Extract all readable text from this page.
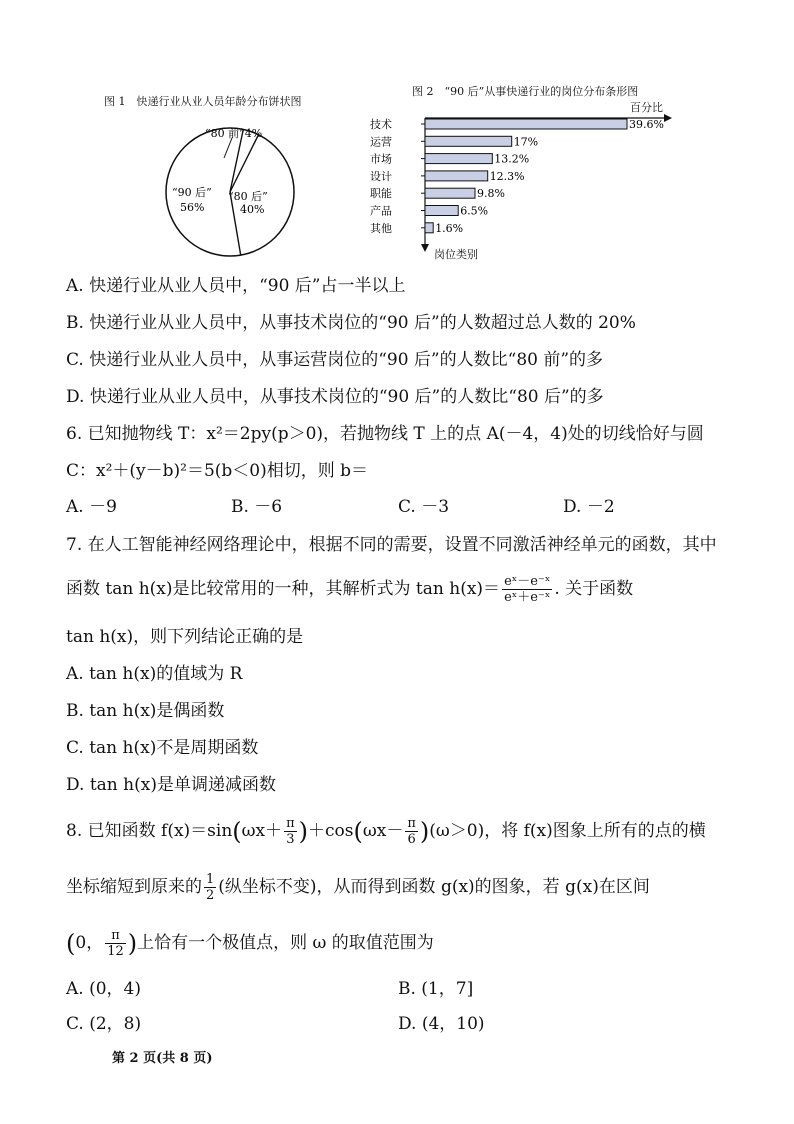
图 1　快递行业从业人员年龄分布饼状图
“80 前”4%
“90 后”
56%
“80 后”
40%
图 2　“90 后”从事快递行业的岗位分布条形图
百分比
技术	39.6%
运营	17%
市场	13.2%
设计	12.3%
职能	9.8%
产品	6.5%
其他	1.6%
岗位类别
A. 快递行业从业人员中，“90 后”占一半以上
B. 快递行业从业人员中，从事技术岗位的“90 后”的人数超过总人数的 20%
C. 快递行业从业人员中，从事运营岗位的“90 后”的人数比“80 前”的多
D. 快递行业从业人员中，从事技术岗位的“90 后”的人数比“80 后”的多
6. 已知抛物线 T：x²＝2py(p＞0)，若抛物线 T 上的点 A(－4，4)处的切线恰好与圆
C：x²＋(y－b)²＝5(b＜0)相切，则 b＝
A. －9	B. －6	C. －3	D. －2
7. 在人工智能神经网络理论中，根据不同的需要，设置不同激活神经单元的函数，其中
函数 tan h(x)是比较常用的一种，其解析式为 $\tan h(x)= \frac{\text{eˣ－e⁻ˣ}}{\text{eˣ＋e⁻ˣ}}$ . 关于函数
tan h(x)，则下列结论正确的是
A. tan h(x)的值域为 R
B. tan h(x)是偶函数
C. tan h(x)不是周期函数
D. tan h(x)是单调递减函数
8. 已知函数 $f(x)=\sin(\omega x+ \frac{\pi}{3} )+\cos(\omega x- \frac{\pi}{6} )(\omega>0)$，将 f(x)图象上所有的点的横
坐标缩短到原来的 $\frac{1}{2}$ (纵坐标不变)，从而得到函数 g(x)的图象，若 g(x)在区间
(0， $\frac{\pi}{12}$ )上恰有一个极值点，则 ω 的取值范围为
A. (0，4)	B. (1，7]
C. (2，8)	D. (4，10)
第 2 页(共 8 页)
